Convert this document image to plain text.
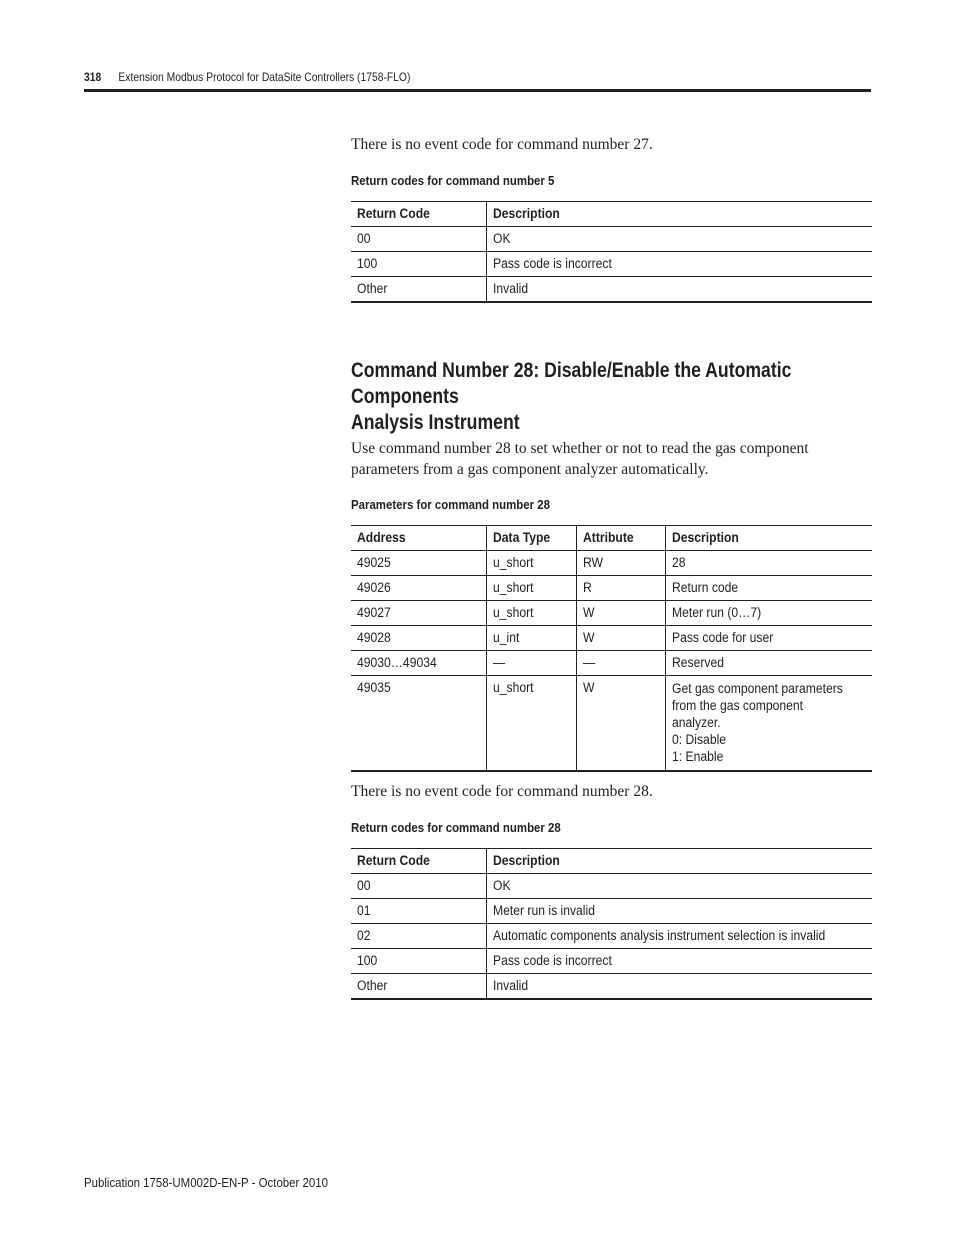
318 Extension Modbus Protocol for DataSite Controllers (1758-FLO)
There is no event code for command number 27.
Return codes for command number 5
Return Code	Description
00	OK
100	Pass code is incorrect
Other	Invalid
Command Number 28: Disable/Enable the Automatic Components
Analysis Instrument
Use command number 28 to set whether or not to read the gas component parameters from a gas component analyzer automatically.
Parameters for command number 28
Address	Data Type	Attribute	Description
49025	u_short	RW	28
49026	u_short	R	Return code
49027	u_short	W	Meter run (0…7)
49028	u_int	W	Pass code for user
49030…49034	—	—	Reserved
49035	u_short	W	Get gas component parameters
from the gas component analyzer.
0: Disable
1: Enable
There is no event code for command number 28.
Return codes for command number 28
Return Code	Description
00	OK
01	Meter run is invalid
02	Automatic components analysis instrument selection is invalid
100	Pass code is incorrect
Other	Invalid
Publication 1758-UM002D-EN-P - October 2010
